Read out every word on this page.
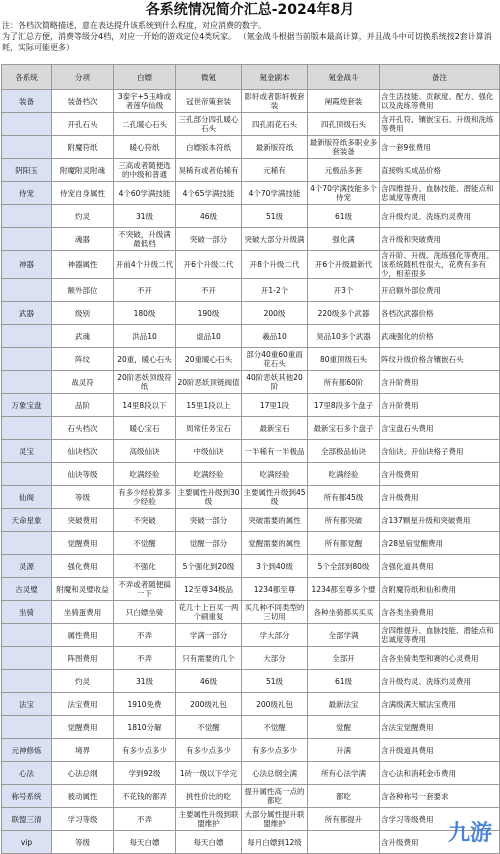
各系统情况简介汇总-2024年8月
注：各档次简略描述，意在表达提升该系统到什么程度，对应消费的数字。
为了汇总方便，消费等级分4档，对应一开始的游戏定位4类玩家。 （氪金战斗根据当前版本最高计算，并且战斗中可切换系统按2套计算消耗，实际可能更多）
各系统	分项	白嫖	微氪	氪金副本	氪金战斗	备注
装备	装备档次	3泰宇+5玉峰或者莲华仙级	冠世帝策套装	影轩或者影轩极套装	阐霞煌套装	含生活技能、贡献度、配方、强化以及洗练等费用
	开孔石头	二孔暖心石头	三孔部分四孔暖心石头	四孔雨花石头	四孔顶级石头	含开孔符、镶嵌宝石、升级和洗练等费用
	附魔符纸	暖心符纸	白嫖版本符纸	最新版符纸	最新版符纸多职业多套装备	含一套9张费用
阴阳玉	附魔附灵附魂	三高或者随便选的中级和普通	昊稀有或者佑稀有	元稀有	元极品多套	直接购买成品价格
侍宠	侍宠自身属性	4个60学满技能	4个65学满技能	4个70学满技能	4个70学满技能多个侍宠	含四维提升、血脉技能、潜能点和忠诚度等费用
	灼灵	31级	46级	51级	61级	含升级灼灵、洗练灼灵费用
	魂器	不突破，升级满最低档	突破一部分	突破大部分升级满	强化满	含升级和突破费用
神器	神器属性	开前4个升级二代	开6个升级二代	开8个升级二代	开6个升级最新代	含升阶、升级、洗练强化等费用。该系统随机性很大，花费有多有少，相差很多
	额外部位	不开	不开	开1-2个	开3个	开启额外部位费用
武器	级别	180级	190级	200级	220级多个武器	各档次武器价格
	武魂	洪品10	虚品10	羲品10	昊品10多个武器	武魂强化的价格
	阵纹	20重，暖心石头	20重暖心石头	部分40重60重雨花石头	80重顶级石头	阵纹升级价格含镶嵌石头
	战灵符	20阶恶妖顶级符纸	20阶恶妖顶链阀值	40阶恶妖其他20阶	所有都60阶	含升阶费用
万象宝盘	品阶	14里8段以下	15里1段以上	17里1段	17里8段多个盘子	含升阶费用
	石头档次	暖心宝石	周常任务宝石	最新宝石	最新宝石多个盘子	含宝盘石头费用
灵宝	仙诀档次	高级仙诀	中级仙诀	一半稀有一半极品	全部极品仙诀	含仙诀、开仙诀格子费用
	仙诀等级	吃满经验	吃满经验	吃满经验	吃满经验	含升级费用
仙阁	等级	有多少经验算多少经验	主要属性升级到30级	主要属性升级到45级	所有都45级	含升级费用
天命星象	突破费用	不突破	突破一部分	突破需要的属性	所有都突破	含137颗星升级和突破费用
	觉醒费用	不觉醒	觉醒一部分	觉醒需要的属性	所有都觉醒	含28星宿觉醒费用
灵源	强化费用	不强化	5个强化到20级	3个到40级	5个全部到80级	含强化道具费用
古灵璧	附魔和灵璧收益	不弄或者随便搞一下	12至尊34极品	1234都至尊	1234都至尊多个璧	含附魔符纸和仙和费用
坐骑	坐骑蛋费用	只白嫖坐骑	花几十上百买一两个刷重复	买几种不同类型的三切用	各种坐骑都买买买	含各类坐骑费用
	属性费用	不弄	学满一部分	学大部分	全部学满	含四维提升、血脉技能、潜能点和忠诚度等费用
	阵图费用	不弄	只有需要的几个	大部分	全部开	含各坐骑类型和赛的心灵费用
	灼灵	31级	46级	51级	61级	含升级灼灵、洗练灼灵费用
法宝	法宝费用	1910免费	200级礼包	200级礼包	最新法宝	含满级满天赋法宝费用
	觉醒费用	1810分解	不觉醒	不觉醒	觉醒	含法宝觉醒费用
元神修炼	境界	有多少点多少	有多少点多少	有多少点多少	升满	含升级道具费用
心法	心法总纲	学到92级	1砖一级以下学完	心法总纲全满	所有心法学满	含心法和消耗金币费用
称号系统	被动属性	不花钱的都弄	挑性价比的吃	提升属性高一点的都吃	都吃	含各种称号一套要求
联盟三清	学习等级	不弄	主要属性升级到联盟维护	大部分属性提升联盟维护	所有都提升	含学习等级费用
vip	等级	每天白嫖	每天白嫖	每月白嫖到12级		含升级费用 九游
